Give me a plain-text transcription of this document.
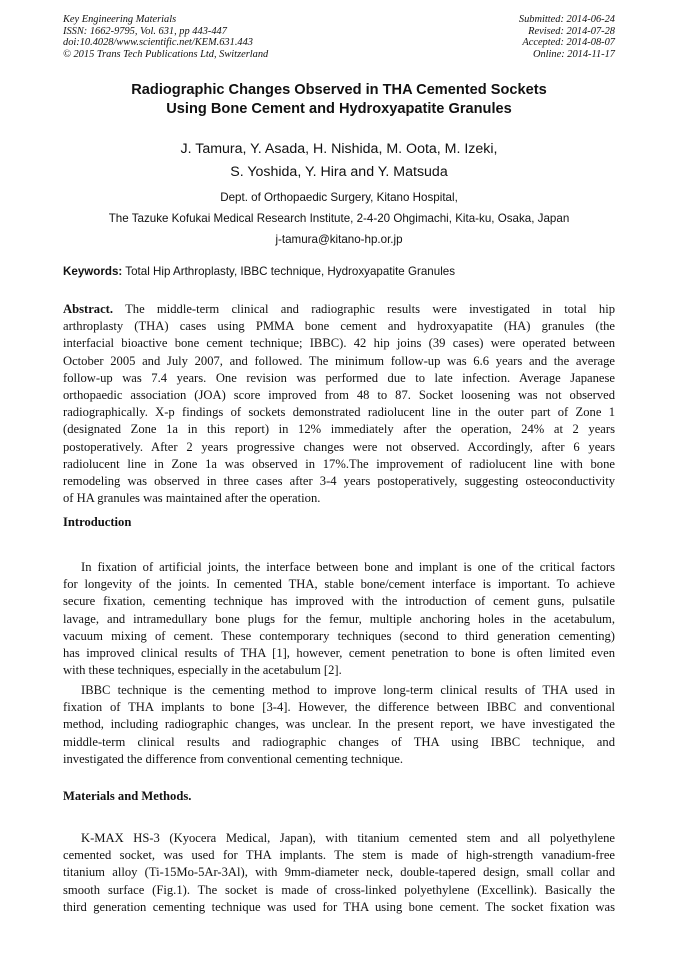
Key Engineering Materials
ISSN: 1662-9795, Vol. 631, pp 443-447
doi:10.4028/www.scientific.net/KEM.631.443
© 2015 Trans Tech Publications Ltd, Switzerland
Submitted: 2014-06-24
Revised: 2014-07-28
Accepted: 2014-08-07
Online: 2014-11-17
Radiographic Changes Observed in THA Cemented Sockets
Using Bone Cement and Hydroxyapatite Granules
J. Tamura, Y. Asada, H. Nishida, M. Oota, M. Izeki,
S. Yoshida, Y. Hira and Y. Matsuda
Dept. of Orthopaedic Surgery, Kitano Hospital,
The Tazuke Kofukai Medical Research Institute, 2-4-20 Ohgimachi, Kita-ku, Osaka, Japan
j-tamura@kitano-hp.or.jp
Keywords: Total Hip Arthroplasty, IBBC technique, Hydroxyapatite Granules
Abstract. The middle-term clinical and radiographic results were investigated in total hip
arthroplasty (THA) cases using PMMA bone cement and hydroxyapatite (HA) granules (the
interfacial bioactive bone cement technique; IBBC). 42 hip joins (39 cases) were operated between
October 2005 and July 2007, and followed. The minimum follow-up was 6.6 years and the average
follow-up was 7.4 years. One revision was performed due to late infection. Average Japanese
orthopaedic association (JOA) score improved from 48 to 87. Socket loosening was not observed
radiographically. X-p findings of sockets demonstrated radiolucent line in the outer part of Zone 1
(designated Zone 1a in this report) in 12% immediately after the operation, 24% at 2 years
postoperatively. After 2 years progressive changes were not observed. Accordingly, after 6 years
radiolucent line in Zone 1a was observed in 17%.The improvement of radiolucent line with bone
remodeling was observed in three cases after 3-4 years postoperatively, suggesting osteoconductivity
of HA granules was maintained after the operation.
Introduction
In fixation of artificial joints, the interface between bone and implant is one of the critical factors
for longevity of the joints. In cemented THA, stable bone/cement interface is important. To achieve
secure fixation, cementing technique has improved with the introduction of cement guns, pulsatile
lavage, and intramedullary bone plugs for the femur, multiple anchoring holes in the acetabulum,
vacuum mixing of cement. These contemporary techniques (second to third generation cementing)
has improved clinical results of THA [1], however, cement penetration to bone is often limited even
with these techniques, especially in the acetabulum [2].
IBBC technique is the cementing method to improve long-term clinical results of THA used in
fixation of THA implants to bone [3-4]. However, the difference between IBBC and conventional
method, including radiographic changes, was unclear. In the present report, we have investigated the
middle-term clinical results and radiographic changes of THA using IBBC technique, and
investigated the difference from conventional cementing technique.
Materials and Methods.
K-MAX HS-3 (Kyocera Medical, Japan), with titanium cemented stem and all polyethylene
cemented socket, was used for THA implants. The stem is made of high-strength vanadium-free
titanium alloy (Ti-15Mo-5Ar-3Al), with 9mm-diameter neck, double-tapered design, small collar and
smooth surface (Fig.1). The socket is made of cross-linked polyethylene (Excellink). Basically the
third generation cementing technique was used for THA using bone cement. The socket fixation was
